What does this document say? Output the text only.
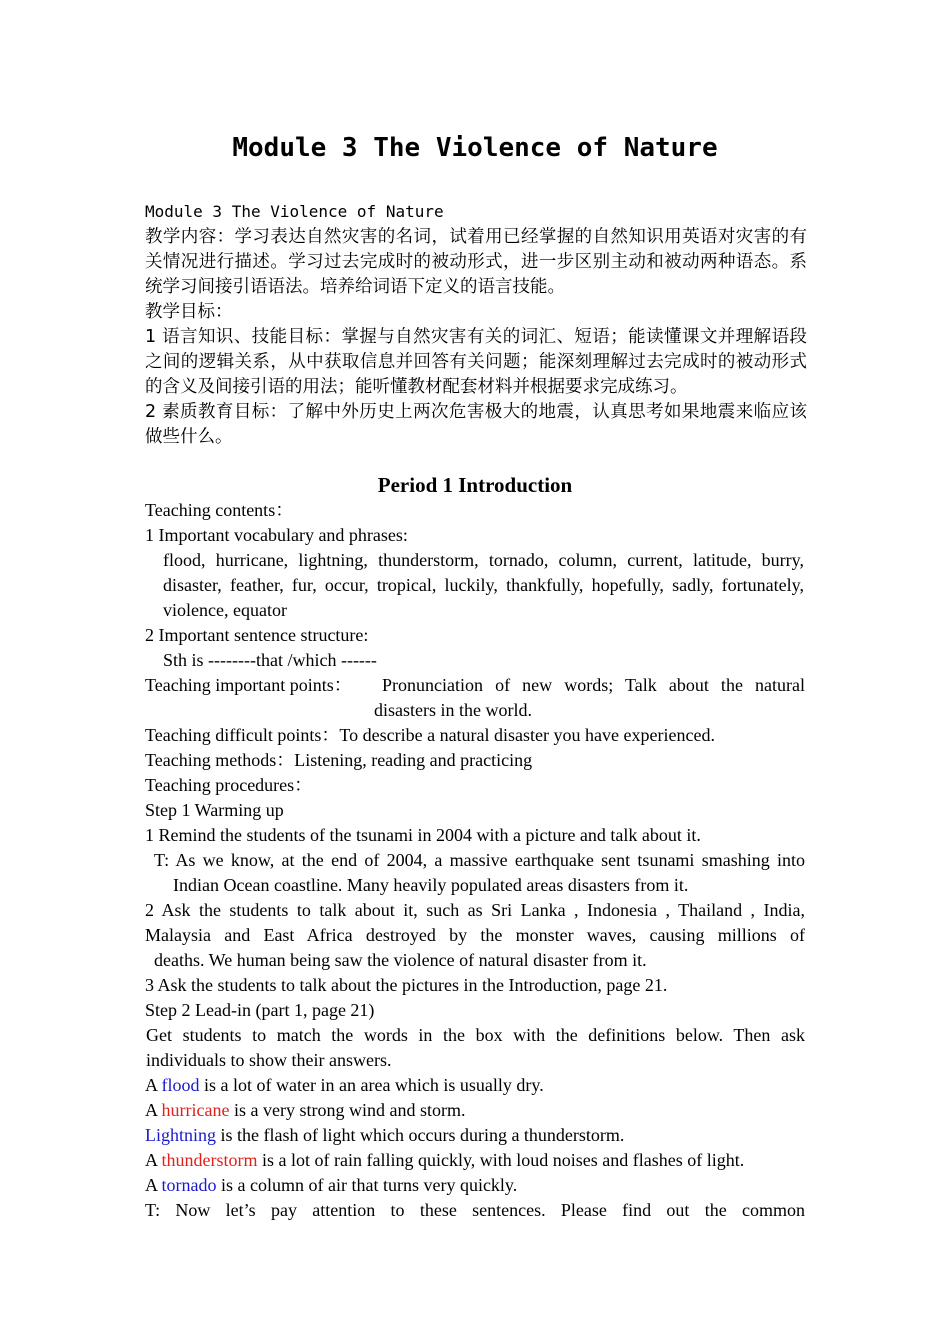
Module 3 The Violence of Nature
Module 3 The Violence of Nature
教学内容：学习表达自然灾害的名词，试着用已经掌握的自然知识用英语对灾害的有关情况进行描述。学习过去完成时的被动形式，进一步区别主动和被动两种语态。系统学习间接引语语法。培养给词语下定义的语言技能。
教学目标：
1 语言知识、技能目标：掌握与自然灾害有关的词汇、短语；能读懂课文并理解语段之间的逻辑关系，从中获取信息并回答有关问题；能深刻理解过去完成时的被动形式的含义及间接引语的用法；能听懂教材配套材料并根据要求完成练习。
2 素质教育目标：了解中外历史上两次危害极大的地震，认真思考如果地震来临应该做些什么。
Period 1 Introduction
Teaching contents：
1 Important vocabulary and phrases:
flood, hurricane, lightning, thunderstorm, tornado, column, current, latitude, burry, disaster, feather, fur, occur, tropical, luckily, thankfully, hopefully, sadly, fortunately, violence, equator
2 Important sentence structure:
Sth is --------that /which ------
Teaching important points：	Pronunciation of new words; Talk about the natural
disasters in the world.
Teaching difficult points：To describe a natural disaster you have experienced.
Teaching methods：Listening, reading and practicing
Teaching procedures：
Step 1 Warming up
1 Remind the students of the tsunami in 2004 with a picture and talk about it.
T: As we know, at the end of 2004, a massive earthquake sent tsunami smashing into
Indian Ocean coastline. Many heavily populated areas disasters from it.
2 Ask the students to talk about it, such as Sri Lanka , Indonesia , Thailand , India, Malaysia and East Africa destroyed by the monster waves, causing millions of
deaths. We human being saw the violence of natural disaster from it.
3 Ask the students to talk about the pictures in the Introduction, page 21.
Step 2 Lead-in (part 1, page 21)
Get students to match the words in the box with the definitions below. Then ask
individuals to show their answers.
A flood is a lot of water in an area which is usually dry.
A hurricane is a very strong wind and storm.
Lightning is the flash of light which occurs during a thunderstorm.
A thunderstorm is a lot of rain falling quickly, with loud noises and flashes of light.
A tornado is a column of air that turns very quickly.
T: Now let’s pay attention to these sentences. Please find out the common
